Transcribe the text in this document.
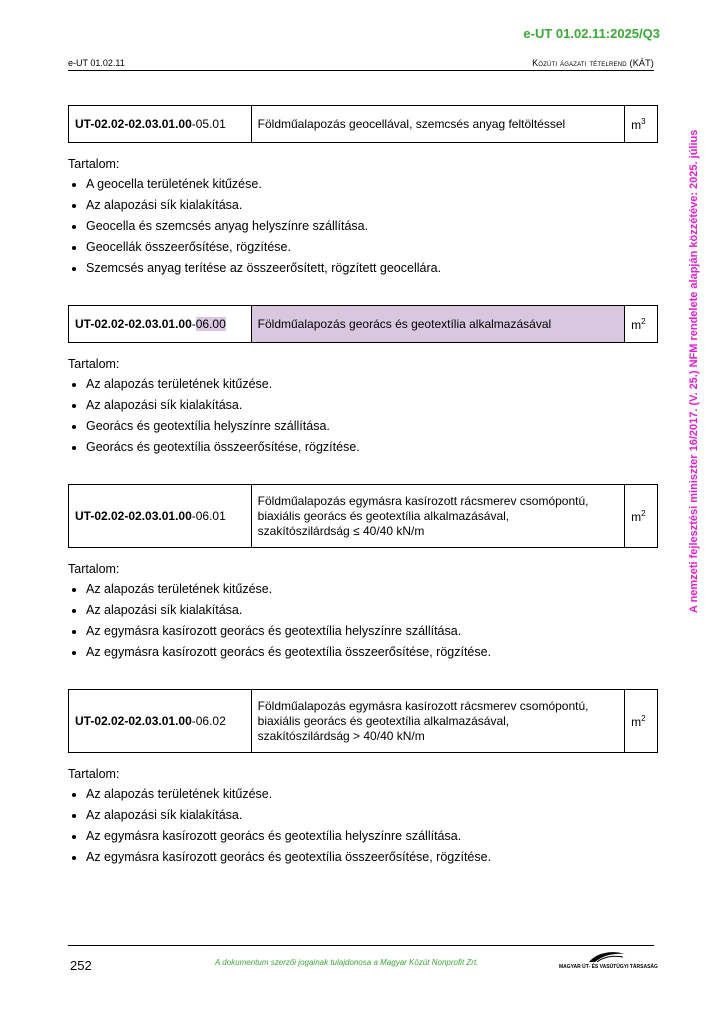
e-UT 01.02.11:2025/Q3
e-UT 01.02.11	Közúti ágazati tételrend (KÁT)
A nemzeti fejlesztési miniszter 16/2017. (V. 25.) NFM rendelete alapján közzétéve: 2025. július
UT-02.02-02.03.01.00-05.01	Földműalapozás geocellával, szemcsés anyag feltöltéssel	$m^3$
Tartalom:
• A geocella területének kitűzése.
• Az alapozási sík kialakítása.
• Geocella és szemcsés anyag helyszínre szállítása.
• Geocellák összeerősítése, rögzítése.
• Szemcsés anyag terítése az összeerősített, rögzített geocellára.
UT-02.02-02.03.01.00-06.00	Földműalapozás georács és geotextília alkalmazásával	$m^2$
Tartalom:
• Az alapozás területének kitűzése.
• Az alapozási sík kialakítása.
• Georács és geotextília helyszínre szállítása.
• Georács és geotextília összeerősítése, rögzítése.
UT-02.02-02.03.01.00-06.01	Földműalapozás egymásra kasírozott rácsmerev csomópontú,
biaxiális georács és geotextília alkalmazásával,
szakítószilárdság ≤ 40/40 kN/m	$m^2$
Tartalom:
• Az alapozás területének kitűzése.
• Az alapozási sík kialakítása.
• Az egymásra kasírozott georács és geotextília helyszínre szállítása.
• Az egymásra kasírozott georács és geotextília összeerősítése, rögzítése.
UT-02.02-02.03.01.00-06.02	Földműalapozás egymásra kasírozott rácsmerev csomópontú,
biaxiális georács és geotextília alkalmazásával,
szakítószilárdság > 40/40 kN/m	$m^2$
Tartalom:
• Az alapozás területének kitűzése.
• Az alapozási sík kialakítása.
• Az egymásra kasírozott georács és geotextília helyszínre szállítása.
• Az egymásra kasírozott georács és geotextília összeerősítése, rögzítése.
252	A dokumentum szerzői jogainak tulajdonosa a Magyar Közút Nonprofit Zrt.	MAGYAR ÚT- ÉS VASÚTÜGYI TÁRSASÁG
